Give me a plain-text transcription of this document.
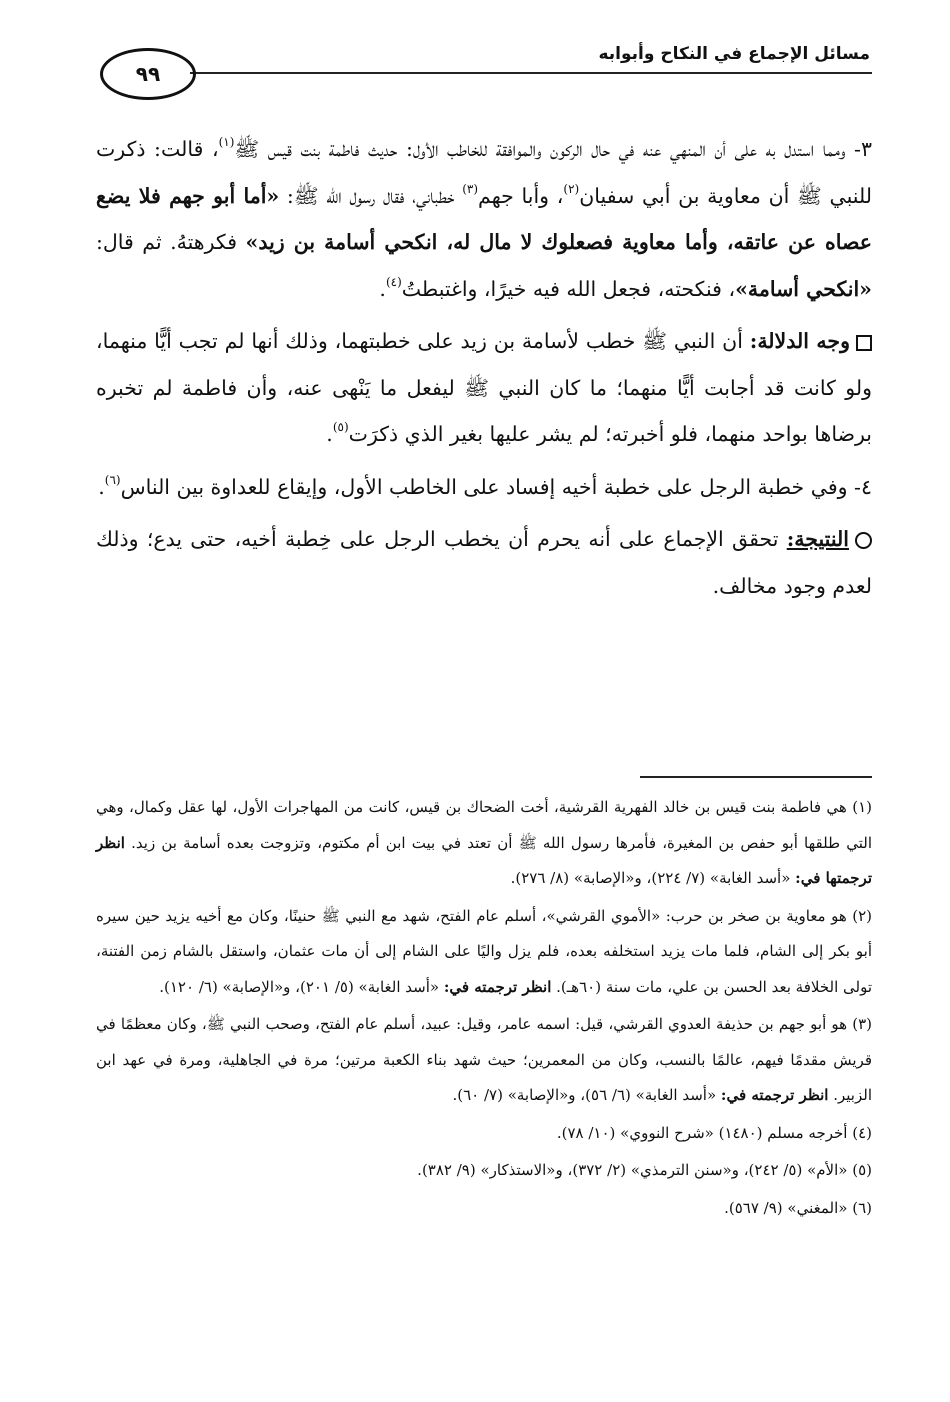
مسائل الإجماع في النكاح وأبوابه
٩٩

٣- ومما استدل به على أن المنهي عنه في حال الركون والموافقة للخاطب الأول: حديث فاطمة بنت قيس ﷺ$^{(١)}$، قالت: ذكرت للنبي ﷺ أن معاوية بن أبي سفيان$^{(٢)}$، وأبا جهم$^{(٣)}$ خطباني، فقال رسول الله ﷺ: «أما أبو جهم فلا يضع عصاه عن عاتقه، وأما معاوية فصعلوك لا مال له، انكحي أسامة بن زيد» فكرهتهُ. ثم قال: «انكحي أسامة»، فنكحته، فجعل الله فيه خيرًا، واغتبطتُ$^{(٤)}$.

وجه الدلالة: أن النبي ﷺ خطب لأسامة بن زيد على خطبتهما، وذلك أنها لم تجب أيًّا منهما، ولو كانت قد أجابت أيًّا منهما؛ ما كان النبي ﷺ ليفعل ما يَنْهى عنه، وأن فاطمة لم تخبره برضاها بواحد منهما، فلو أخبرته؛ لم يشر عليها بغير الذي ذكرَت$^{(٥)}$.

٤- وفي خطبة الرجل على خطبة أخيه إفساد على الخاطب الأول، وإيقاع للعداوة بين الناس$^{(٦)}$.

النتيجة: تحقق الإجماع على أنه يحرم أن يخطب الرجل على خِطبة أخيه، حتى يدع؛ وذلك لعدم وجود مخالف.

(١) هي فاطمة بنت قيس بن خالد الفهرية القرشية، أخت الضحاك بن قيس، كانت من المهاجرات الأول، لها عقل وكمال، وهي التي طلقها أبو حفص بن المغيرة، فأمرها رسول الله ﷺ أن تعتد في بيت ابن أم مكتوم، وتزوجت بعده أسامة بن زيد. انظر ترجمتها في: «أسد الغابة» (٧/ ٢٢٤)، و«الإصابة» (٨/ ٢٧٦).

(٢) هو معاوية بن صخر بن حرب: «الأموي القرشي»، أسلم عام الفتح، شهد مع النبي ﷺ حنينًا، وكان مع أخيه يزيد حين سيره أبو بكر إلى الشام، فلما مات يزيد استخلفه بعده، فلم يزل واليًا على الشام إلى أن مات عثمان، واستقل بالشام زمن الفتنة، تولى الخلافة بعد الحسن بن علي، مات سنة (٦٠هـ). انظر ترجمته في: «أسد الغابة» (٥/ ٢٠١)، و«الإصابة» (٦/ ١٢٠).

(٣) هو أبو جهم بن حذيفة العدوي القرشي، قيل: اسمه عامر، وقيل: عبيد، أسلم عام الفتح، وصحب النبي ﷺ، وكان معظمًا في قريش مقدمًا فيهم، عالمًا بالنسب، وكان من المعمرين؛ حيث شهد بناء الكعبة مرتين؛ مرة في الجاهلية، ومرة في عهد ابن الزبير. انظر ترجمته في: «أسد الغابة» (٦/ ٥٦)، و«الإصابة» (٧/ ٦٠).

(٤) أخرجه مسلم (١٤٨٠) «شرح النووي» (١٠/ ٧٨).

(٥) «الأم» (٥/ ٢٤٢)، و«سنن الترمذي» (٢/ ٣٧٢)، و«الاستذكار» (٩/ ٣٨٢).

(٦) «المغني» (٩/ ٥٦٧).
